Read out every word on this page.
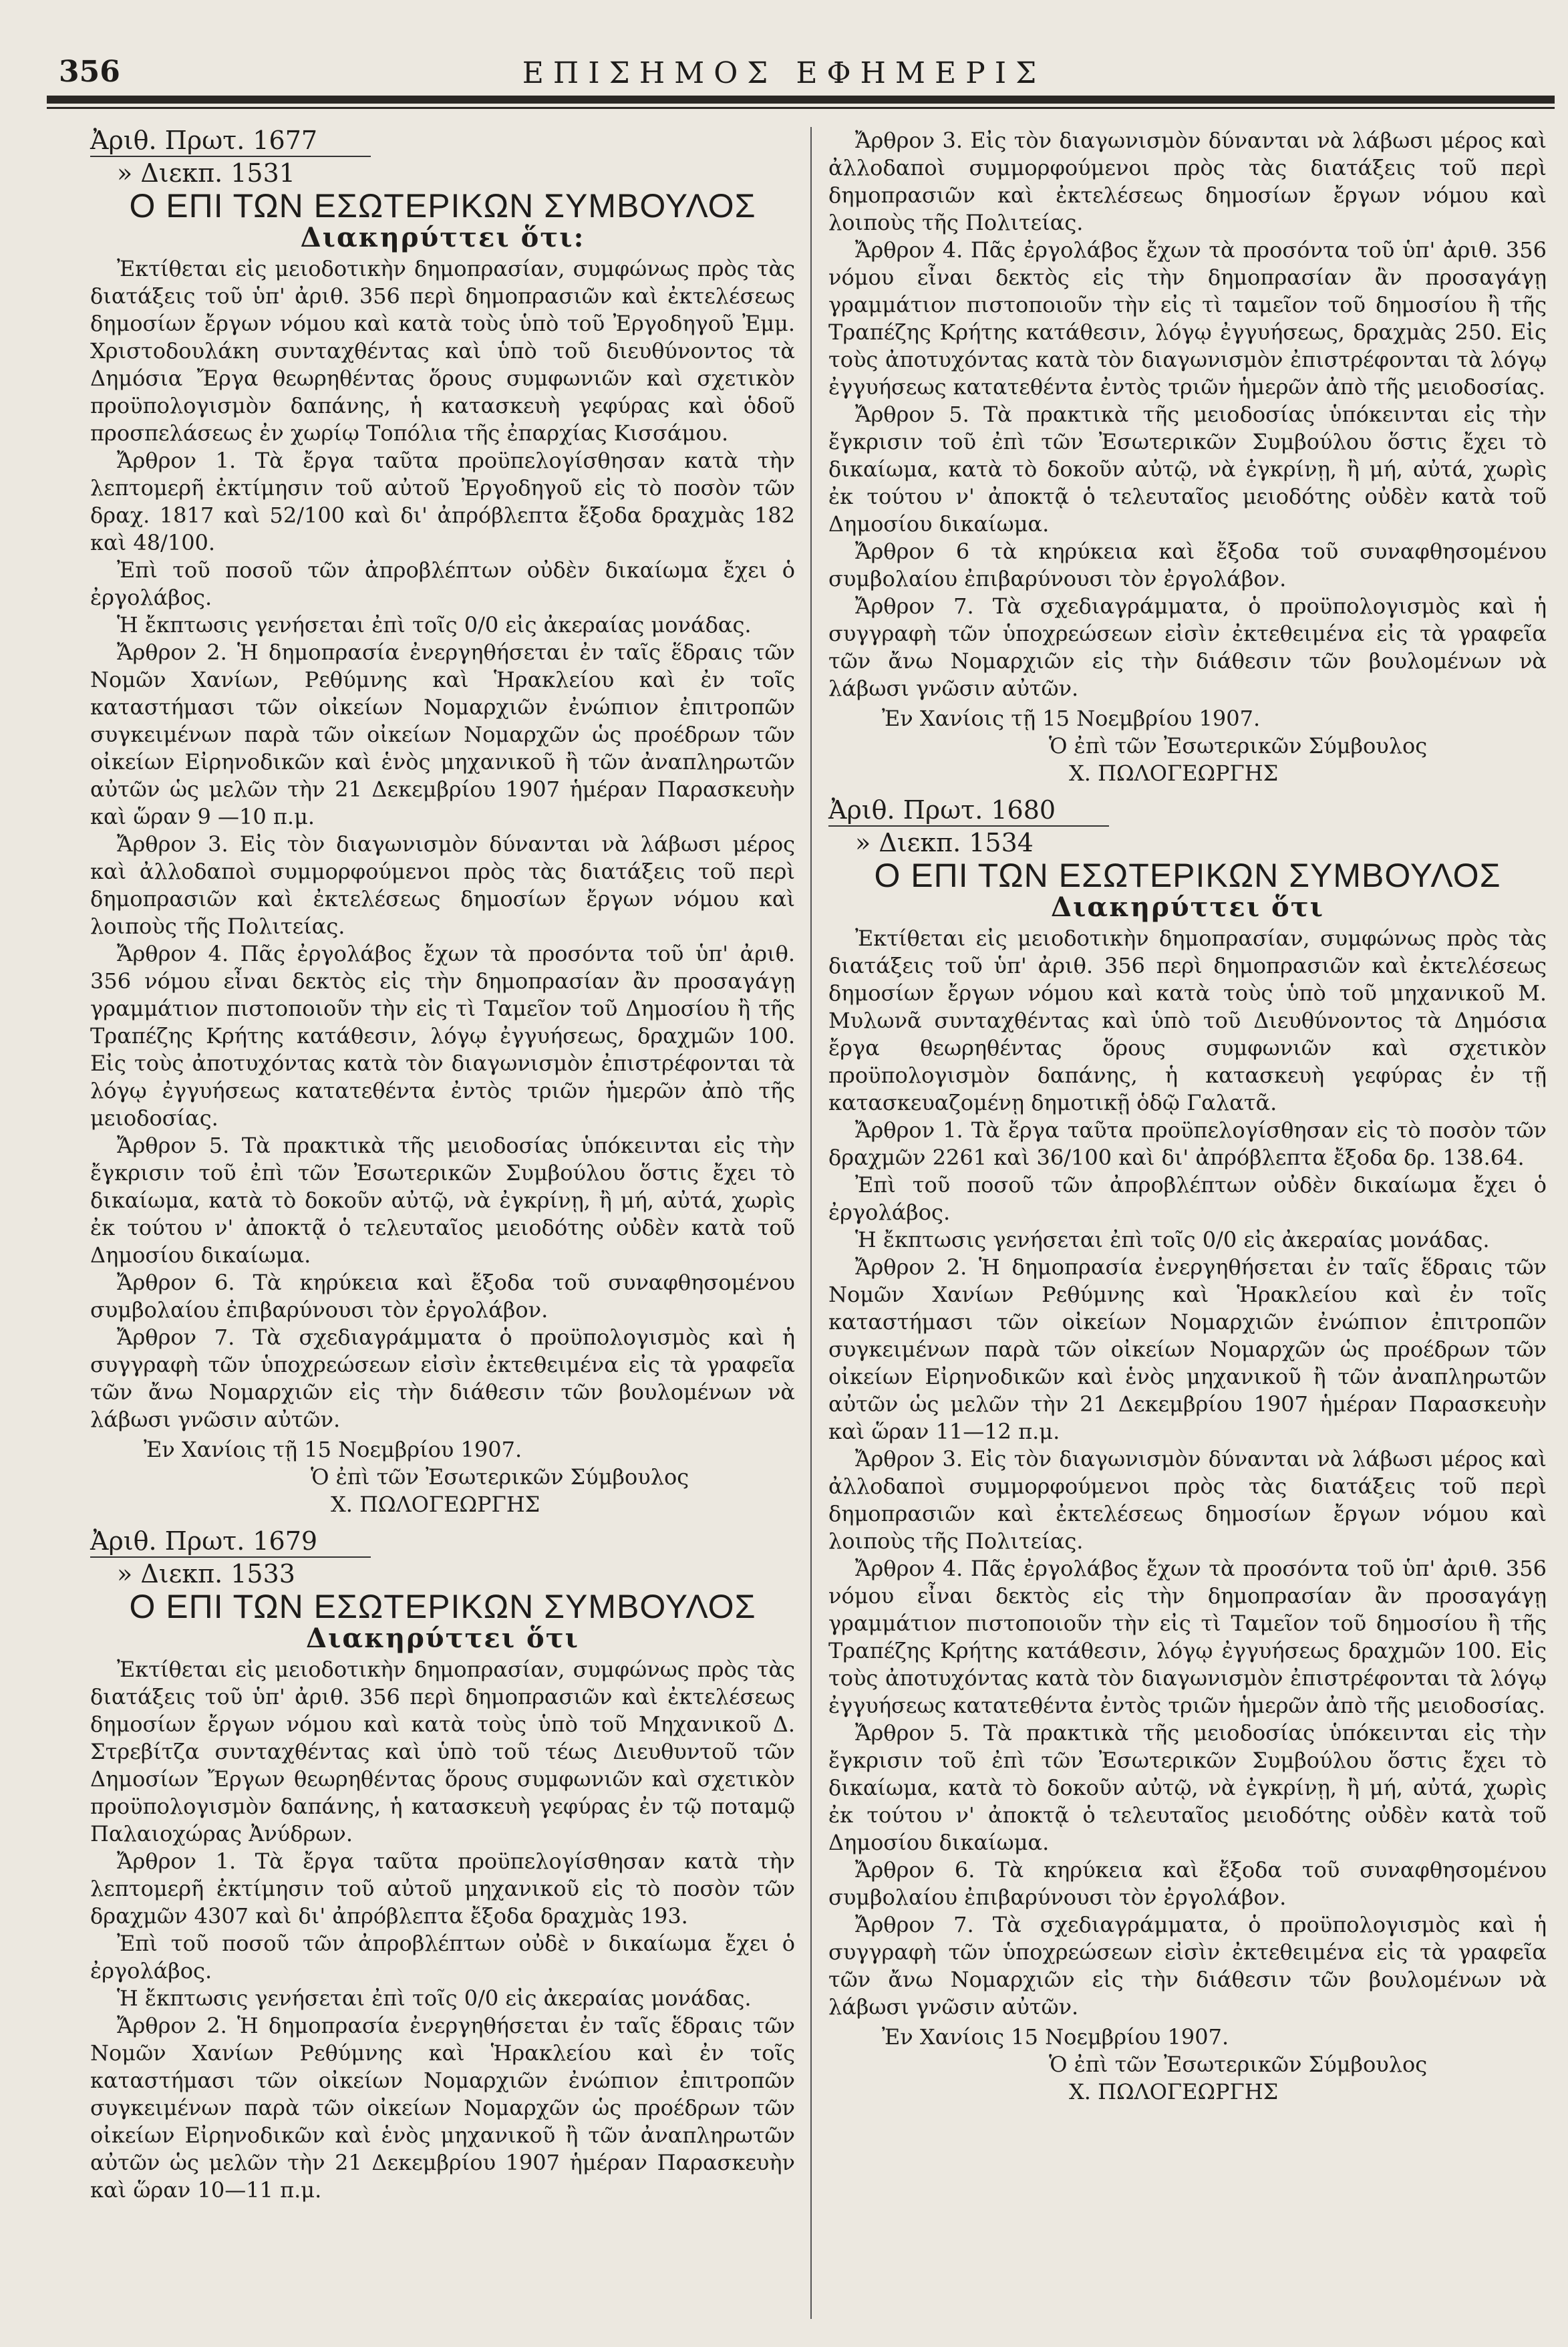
356	ΕΠΙΣΗΜΟΣ ΕΦΗΜΕΡΙΣ
Ἀριθ. Πρωτ. 1677
» Διεκπ. 1531
Ο ΕΠΙ ΤΩΝ ΕΣΩΤΕΡΙΚΩΝ ΣΥΜΒΟΥΛΟΣ
Διακηρύττει ὅτι:

Ἐκτίθεται εἰς μειοδοτικὴν δημοπρασίαν, συμφώνως πρὸς τὰς διατάξεις τοῦ ὑπ' ἀριθ. 356 περὶ δημοπρασιῶν καὶ ἐκτελέσεως δημοσίων ἔργων νόμου καὶ κατὰ τοὺς ὑπὸ τοῦ Ἐργοδηγοῦ Ἐμμ. Χριστοδουλάκη συνταχθέντας καὶ ὑπὸ τοῦ διευθύνοντος τὰ Δημόσια Ἔργα θεωρηθέντας ὅρους συμφωνιῶν καὶ σχετικὸν προϋπολογισμὸν δαπάνης, ἡ κατασκευὴ γεφύρας καὶ ὁδοῦ προσπελάσεως ἐν χωρίῳ Τοπόλια τῆς ἐπαρχίας Κισσάμου.

Ἄρθρον 1. Τὰ ἔργα ταῦτα προϋπελογίσθησαν κατὰ τὴν λεπτομερῆ ἐκτίμησιν τοῦ αὐτοῦ Ἐργοδηγοῦ εἰς τὸ ποσὸν τῶν δραχ. 1817 καὶ 52/100 καὶ δι' ἀπρόβλεπτα ἔξοδα δραχμὰς 182 καὶ 48/100.

Ἐπὶ τοῦ ποσοῦ τῶν ἀπροβλέπτων οὐδὲν δικαίωμα ἔχει ὁ ἐργολάβος.

Ἡ ἔκπτωσις γενήσεται ἐπὶ τοῖς 0/0 εἰς ἀκεραίας μονάδας.

Ἄρθρον 2. Ἡ δημοπρασία ἐνεργηθήσεται ἐν ταῖς ἕδραις τῶν Νομῶν Χανίων, Ρεθύμνης καὶ Ἡρακλείου καὶ ἐν τοῖς καταστήμασι τῶν οἰκείων Νομαρχιῶν ἐνώπιον ἐπιτροπῶν συγκειμένων παρὰ τῶν οἰκείων Νομαρχῶν ὡς προέδρων τῶν οἰκείων Εἰρηνοδικῶν καὶ ἑνὸς μηχανικοῦ ἢ τῶν ἀναπληρωτῶν αὐτῶν ὡς μελῶν τὴν 21 Δεκεμβρίου 1907 ἡμέραν Παρασκευὴν καὶ ὥραν 9 —10 π.μ.

Ἄρθρον 3. Εἰς τὸν διαγωνισμὸν δύνανται νὰ λάβωσι μέρος καὶ ἀλλοδαποὶ συμμορφούμενοι πρὸς τὰς διατάξεις τοῦ περὶ δημοπρασιῶν καὶ ἐκτελέσεως δημοσίων ἔργων νόμου καὶ λοιποὺς τῆς Πολιτείας.

Ἄρθρον 4. Πᾶς ἐργολάβος ἔχων τὰ προσόντα τοῦ ὑπ' ἀριθ. 356 νόμου εἶναι δεκτὸς εἰς τὴν δημοπρασίαν ἂν προσαγάγῃ γραμμάτιον πιστοποιοῦν τὴν εἰς τὶ Ταμεῖον τοῦ Δημοσίου ἢ τῆς Τραπέζης Κρήτης κατάθεσιν, λόγῳ ἐγγυήσεως, δραχμῶν 100. Εἰς τοὺς ἀποτυχόντας κατὰ τὸν διαγωνισμὸν ἐπιστρέφονται τὰ λόγῳ ἐγγυήσεως κατατεθέντα ἐντὸς τριῶν ἡμερῶν ἀπὸ τῆς μειοδοσίας.

Ἄρθρον 5. Τὰ πρακτικὰ τῆς μειοδοσίας ὑπόκεινται εἰς τὴν ἔγκρισιν τοῦ ἐπὶ τῶν Ἐσωτερικῶν Συμβούλου ὅστις ἔχει τὸ δικαίωμα, κατὰ τὸ δοκοῦν αὐτῷ, νὰ ἐγκρίνῃ, ἢ μή, αὐτά, χωρὶς ἐκ τούτου ν' ἀποκτᾷ ὁ τελευταῖος μειοδότης οὐδὲν κατὰ τοῦ Δημοσίου δικαίωμα.

Ἄρθρον 6. Τὰ κηρύκεια καὶ ἔξοδα τοῦ συναφθησομένου συμβολαίου ἐπιβαρύνουσι τὸν ἐργολάβον.

Ἄρθρον 7. Τὰ σχεδιαγράμματα ὁ προϋπολογισμὸς καὶ ἡ συγγραφὴ τῶν ὑποχρεώσεων εἰσὶν ἐκτεθειμένα εἰς τὰ γραφεῖα τῶν ἄνω Νομαρχιῶν εἰς τὴν διάθεσιν τῶν βουλομένων νὰ λάβωσι γνῶσιν αὐτῶν.

Ἐν Χανίοις τῇ 15 Νοεμβρίου 1907.

Ὁ ἐπὶ τῶν Ἐσωτερικῶν Σύμβουλος

Χ. ΠΩΛΟΓΕΩΡΓΗΣ

Ἀριθ. Πρωτ. 1679
» Διεκπ. 1533
Ο ΕΠΙ ΤΩΝ ΕΣΩΤΕΡΙΚΩΝ ΣΥΜΒΟΥΛΟΣ
Διακηρύττει ὅτι

Ἐκτίθεται εἰς μειοδοτικὴν δημοπρασίαν, συμφώνως πρὸς τὰς διατάξεις τοῦ ὑπ' ἀριθ. 356 περὶ δημοπρασιῶν καὶ ἐκτελέσεως δημοσίων ἔργων νόμου καὶ κατὰ τοὺς ὑπὸ τοῦ Μηχανικοῦ Δ. Στρεβίτζα συνταχθέντας καὶ ὑπὸ τοῦ τέως Διευθυντοῦ τῶν Δημοσίων Ἔργων θεωρηθέντας ὅρους συμφωνιῶν καὶ σχετικὸν προϋπολογισμὸν δαπάνης, ἡ κατασκευὴ γεφύρας ἐν τῷ ποταμῷ Παλαιοχώρας Ἀνύδρων.

Ἄρθρον 1. Τὰ ἔργα ταῦτα προϋπελογίσθησαν κατὰ τὴν λεπτομερῆ ἐκτίμησιν τοῦ αὐτοῦ μηχανικοῦ εἰς τὸ ποσὸν τῶν δραχμῶν 4307 καὶ δι' ἀπρόβλεπτα ἔξοδα δραχμὰς 193.

Ἐπὶ τοῦ ποσοῦ τῶν ἀπροβλέπτων οὐδὲ ν δικαίωμα ἔχει ὁ ἐργολάβος.

Ἡ ἔκπτωσις γενήσεται ἐπὶ τοῖς 0/0 εἰς ἀκεραίας μονάδας.

Ἄρθρον 2. Ἡ δημοπρασία ἐνεργηθήσεται ἐν ταῖς ἕδραις τῶν Νομῶν Χανίων Ρεθύμνης καὶ Ἡρακλείου καὶ ἐν τοῖς καταστήμασι τῶν οἰκείων Νομαρχιῶν ἐνώπιον ἐπιτροπῶν συγκειμένων παρὰ τῶν οἰκείων Νομαρχῶν ὡς προέδρων τῶν οἰκείων Εἰρηνοδικῶν καὶ ἑνὸς μηχανικοῦ ἢ τῶν ἀναπληρωτῶν αὐτῶν ὡς μελῶν τὴν 21 Δεκεμβρίου 1907 ἡμέραν Παρασκευὴν καὶ ὥραν 10—11 π.μ.

Ἄρθρον 3. Εἰς τὸν διαγωνισμὸν δύνανται νὰ λάβωσι μέρος καὶ ἀλλοδαποὶ συμμορφούμενοι πρὸς τὰς διατάξεις τοῦ περὶ δημοπρασιῶν καὶ ἐκτελέσεως δημοσίων ἔργων νόμου καὶ λοιποὺς τῆς Πολιτείας.

Ἄρθρον 4. Πᾶς ἐργολάβος ἔχων τὰ προσόντα τοῦ ὑπ' ἀριθ. 356 νόμου εἶναι δεκτὸς εἰς τὴν δημοπρασίαν ἂν προσαγάγῃ γραμμάτιον πιστοποιοῦν τὴν εἰς τὶ ταμεῖον τοῦ δημοσίου ἢ τῆς Τραπέζης Κρήτης κατάθεσιν, λόγῳ ἐγγυήσεως, δραχμὰς 250. Εἰς τοὺς ἀποτυχόντας κατὰ τὸν διαγωνισμὸν ἐπιστρέφονται τὰ λόγῳ ἐγγυήσεως κατατεθέντα ἐντὸς τριῶν ἡμερῶν ἀπὸ τῆς μειοδοσίας.

Ἄρθρον 5. Τὰ πρακτικὰ τῆς μειοδοσίας ὑπόκεινται εἰς τὴν ἔγκρισιν τοῦ ἐπὶ τῶν Ἐσωτερικῶν Συμβούλου ὅστις ἔχει τὸ δικαίωμα, κατὰ τὸ δοκοῦν αὐτῷ, νὰ ἐγκρίνῃ, ἢ μή, αὐτά, χωρὶς ἐκ τούτου ν' ἀποκτᾷ ὁ τελευταῖος μειοδότης οὐδὲν κατὰ τοῦ Δημοσίου δικαίωμα.

Ἄρθρον 6 τὰ κηρύκεια καὶ ἔξοδα τοῦ συναφθησομένου συμβολαίου ἐπιβαρύνουσι τὸν ἐργολάβον.

Ἄρθρον 7. Τὰ σχεδιαγράμματα, ὁ προϋπολογισμὸς καὶ ἡ συγγραφὴ τῶν ὑποχρεώσεων εἰσὶν ἐκτεθειμένα εἰς τὰ γραφεῖα τῶν ἄνω Νομαρχιῶν εἰς τὴν διάθεσιν τῶν βουλομένων νὰ λάβωσι γνῶσιν αὐτῶν.

Ἐν Χανίοις τῇ 15 Νοεμβρίου 1907.

Ὁ ἐπὶ τῶν Ἐσωτερικῶν Σύμβουλος

Χ. ΠΩΛΟΓΕΩΡΓΗΣ

Ἀριθ. Πρωτ. 1680
» Διεκπ. 1534
Ο ΕΠΙ ΤΩΝ ΕΣΩΤΕΡΙΚΩΝ ΣΥΜΒΟΥΛΟΣ
Διακηρύττει ὅτι

Ἐκτίθεται εἰς μειοδοτικὴν δημοπρασίαν, συμφώνως πρὸς τὰς διατάξεις τοῦ ὑπ' ἀριθ. 356 περὶ δημοπρασιῶν καὶ ἐκτελέσεως δημοσίων ἔργων νόμου καὶ κατὰ τοὺς ὑπὸ τοῦ μηχανικοῦ Μ. Μυλωνᾶ συνταχθέντας καὶ ὑπὸ τοῦ Διευθύνοντος τὰ Δημόσια ἔργα θεωρηθέντας ὅρους συμφωνιῶν καὶ σχετικὸν προϋπολογισμὸν δαπάνης, ἡ κατασκευὴ γεφύρας ἐν τῇ κατασκευαζομένῃ δημοτικῇ ὁδῷ Γαλατᾶ.

Ἄρθρον 1. Τὰ ἔργα ταῦτα προϋπελογίσθησαν εἰς τὸ ποσὸν τῶν δραχμῶν 2261 καὶ 36/100 καὶ δι' ἀπρόβλεπτα ἔξοδα δρ. 138.64.

Ἐπὶ τοῦ ποσοῦ τῶν ἀπροβλέπτων οὐδὲν δικαίωμα ἔχει ὁ ἐργολάβος.

Ἡ ἔκπτωσις γενήσεται ἐπὶ τοῖς 0/0 εἰς ἀκεραίας μονάδας.

Ἄρθρον 2. Ἡ δημοπρασία ἐνεργηθήσεται ἐν ταῖς ἕδραις τῶν Νομῶν Χανίων Ρεθύμνης καὶ Ἡρακλείου καὶ ἐν τοῖς καταστήμασι τῶν οἰκείων Νομαρχιῶν ἐνώπιον ἐπιτροπῶν συγκειμένων παρὰ τῶν οἰκείων Νομαρχῶν ὡς προέδρων τῶν οἰκείων Εἰρηνοδικῶν καὶ ἑνὸς μηχανικοῦ ἢ τῶν ἀναπληρωτῶν αὐτῶν ὡς μελῶν τὴν 21 Δεκεμβρίου 1907 ἡμέραν Παρασκευὴν καὶ ὥραν 11—12 π.μ.

Ἄρθρον 3. Εἰς τὸν διαγωνισμὸν δύνανται νὰ λάβωσι μέρος καὶ ἀλλοδαποὶ συμμορφούμενοι πρὸς τὰς διατάξεις τοῦ περὶ δημοπρασιῶν καὶ ἐκτελέσεως δημοσίων ἔργων νόμου καὶ λοιποὺς τῆς Πολιτείας.

Ἄρθρον 4. Πᾶς ἐργολάβος ἔχων τὰ προσόντα τοῦ ὑπ' ἀριθ. 356 νόμου εἶναι δεκτὸς εἰς τὴν δημοπρασίαν ἂν προσαγάγῃ γραμμάτιον πιστοποιοῦν τὴν εἰς τὶ Ταμεῖον τοῦ δημοσίου ἢ τῆς Τραπέζης Κρήτης κατάθεσιν, λόγῳ ἐγγυήσεως δραχμῶν 100. Εἰς τοὺς ἀποτυχόντας κατὰ τὸν διαγωνισμὸν ἐπιστρέφονται τὰ λόγῳ ἐγγυήσεως κατατεθέντα ἐντὸς τριῶν ἡμερῶν ἀπὸ τῆς μειοδοσίας.

Ἄρθρον 5. Τὰ πρακτικὰ τῆς μειοδοσίας ὑπόκεινται εἰς τὴν ἔγκρισιν τοῦ ἐπὶ τῶν Ἐσωτερικῶν Συμβούλου ὅστις ἔχει τὸ δικαίωμα, κατὰ τὸ δοκοῦν αὐτῷ, νὰ ἐγκρίνῃ, ἢ μή, αὐτά, χωρὶς ἐκ τούτου ν' ἀποκτᾷ ὁ τελευταῖος μειοδότης οὐδὲν κατὰ τοῦ Δημοσίου δικαίωμα.

Ἄρθρον 6. Τὰ κηρύκεια καὶ ἔξοδα τοῦ συναφθησομένου συμβολαίου ἐπιβαρύνουσι τὸν ἐργολάβον.

Ἄρθρον 7. Τὰ σχεδιαγράμματα, ὁ προϋπολογισμὸς καὶ ἡ συγγραφὴ τῶν ὑποχρεώσεων εἰσὶν ἐκτεθειμένα εἰς τὰ γραφεῖα τῶν ἄνω Νομαρχιῶν εἰς τὴν διάθεσιν τῶν βουλομένων νὰ λάβωσι γνῶσιν αὐτῶν.

Ἐν Χανίοις 15 Νοεμβρίου 1907.

Ὁ ἐπὶ τῶν Ἐσωτερικῶν Σύμβουλος

Χ. ΠΩΛΟΓΕΩΡΓΗΣ
